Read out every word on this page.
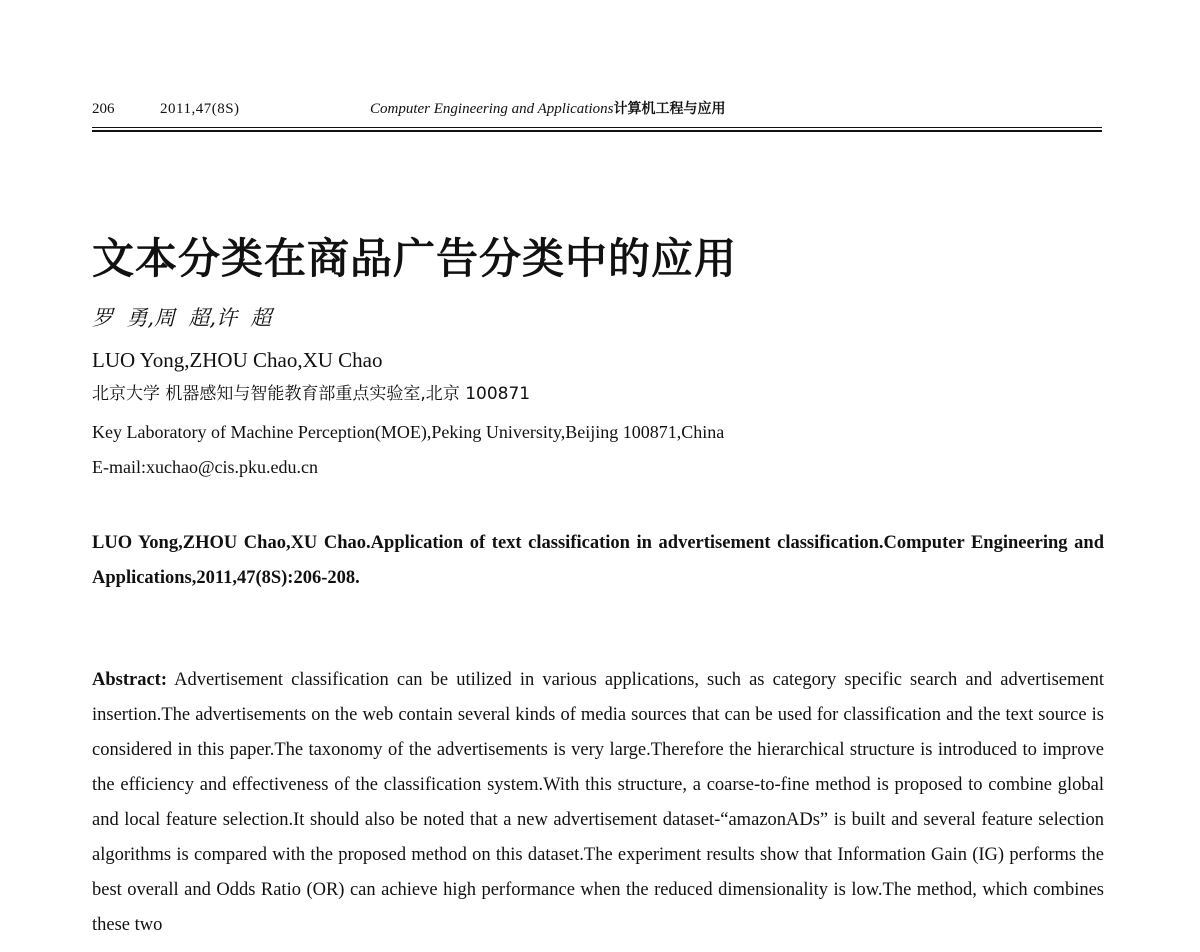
206	2011,47(8S)	Computer Engineering and Applications计算机工程与应用
文本分类在商品广告分类中的应用
罗  勇,周  超,许  超
LUO Yong,ZHOU Chao,XU Chao
北京大学 机器感知与智能教育部重点实验室,北京 100871
Key Laboratory of Machine Perception(MOE),Peking University,Beijing 100871,China
E-mail:xuchao@cis.pku.edu.cn
LUO Yong,ZHOU Chao,XU Chao.Application of text classification in advertisement classification.Computer Engineering and Applications,2011,47(8S):206-208.

Abstract: Advertisement classification can be utilized in various applications, such as category specific search and advertisement insertion.The advertisements on the web contain several kinds of media sources that can be used for classification and the text source is considered in this paper.The taxonomy of the advertisements is very large.Therefore the hierarchical structure is introduced to improve the efficiency and effectiveness of the classification system.With this structure, a coarse-to-fine method is proposed to combine global and local feature selection.It should also be noted that a new advertisement dataset-“amazonADs” is built and several feature selection algorithms is compared with the proposed method on this dataset.The experiment results show that Information Gain (IG) performs the best overall and Odds Ratio (OR) can achieve high performance when the reduced dimensionality is low.The method, which combines these two
